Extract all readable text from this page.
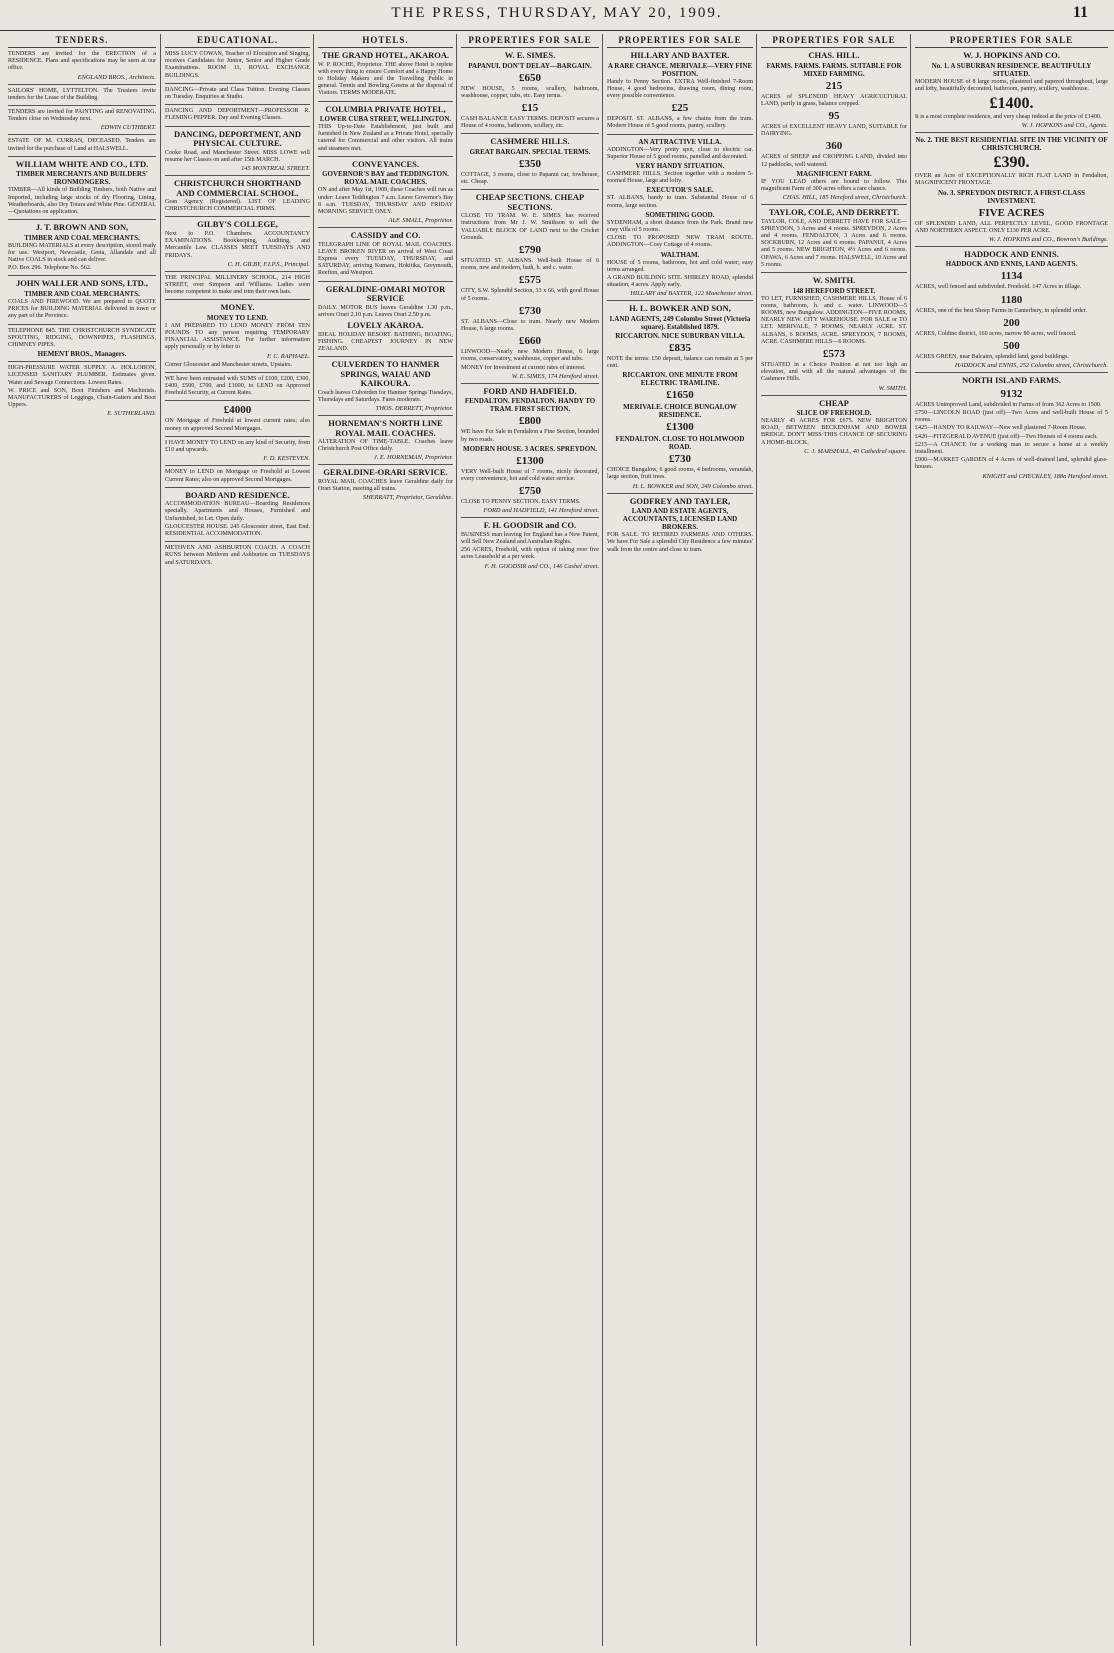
THE PRESS, THURSDAY, MAY 20, 1909.	11
TENDERS.
TENDERS are invited for the ERECTION of a RESIDENCE. Plans and specifications may be seen at our office.
ENGLAND BROS., Architects.
SAILORS' HOME, LYTTELTON. The Trustees invite tenders for the Lease of the Building.
TENDERS are invited for PAINTING and RENOVATING. Tenders close on Wednesday next.
EDWIN CUTHBERT.
ESTATE OF M. CURRAN, DECEASED. Tenders are invited for the purchase of Land at HALSWELL.
WILLIAM WHITE AND CO., LTD.
TIMBER MERCHANTS AND BUILDERS' IRONMONGERS.
TIMBER—All kinds of Building Timbers, both Native and Imported, including large stocks of dry Flooring, Lining, Weatherboards, also Dry Totara and White Pine. GENERAL—Quotations on application.
J. T. BROWN AND SON,
TIMBER AND COAL MERCHANTS.
BUILDING MATERIALS at every description, stored ready for use. Westport, Newcastle, Greta, Allandale and all Native COALS in stock and can deliver.
P.O. Box 296. Telephone No. 562.
JOHN WALLER AND SONS, LTD.,
TIMBER AND COAL MERCHANTS.
COALS AND FIREWOOD. We are prepared to QUOTE PRICES for BUILDING MATERIAL delivered in town or any part of the Province.
TELEPHONE 845. THE CHRISTCHURCH SYNDICATE SPOUTING, RIDGING, DOWNPIPES, FLASHINGS, CHIMNEY PIPES.
HEMENT BROS., Managers.
HIGH-PRESSURE WATER SUPPLY. A. HOLLOBON, LICENSED SANITARY PLUMBER. Estimates given. Water and Sewage Connections. Lowest Rates.
W. PRICE and SON, Boot Finishers and Machinists. MANUFACTURERS of Leggings, Chain-Gaiters and Boot Uppers.
E. SUTHERLAND.
EDUCATIONAL.
MISS LUCY COWAN, Teacher of Elocution and Singing, receives Candidates for Junior, Senior and Higher Grade Examinations. ROOM 11, ROYAL EXCHANGE BUILDINGS.
DANCING—Private and Class Tuition. Evening Classes on Tuesday. Enquiries at Studio.
DANCING AND DEPORTMENT—PROFESSOR R. FLEMING PEPPER. Day and Evening Classes.
DANCING, DEPORTMENT, AND PHYSICAL CULTURE.
Cooke Road, and Manchester Street. MISS LOWE will resume her Classes on and after 15th MARCH.
145 MONTREAL STREET.
CHRISTCHURCH SHORTHAND AND COMMERCIAL SCHOOL.
Gran Agency (Registered). LIST OF LEADING CHRISTCHURCH COMMERCIAL FIRMS.
GILBY'S COLLEGE,
Next to P.O. Chambers. ACCOUNTANCY EXAMINATIONS. Bookkeeping, Auditing, and Mercantile Law. CLASSES MEET TUESDAYS AND FRIDAYS.
C. H. GILBY, F.I.P.S., Principal.
THE PRINCIPAL MILLINERY SCHOOL, 214 HIGH STREET, over Simpson and Williams. Ladies soon become competent to make and trim their own hats.
MONEY.
MONEY TO LEND.
I AM PREPARED TO LEND MONEY FROM TEN POUNDS TO any person requiring TEMPORARY FINANCIAL ASSISTANCE. For further information apply personally or by letter to
F. C. RAPHAEL.
Corner Gloucester and Manchester streets, Upstairs.
WE have been entrusted with SUMS of £100, £200, £300, £400, £500, £700, and £1000, to LEND on Approved Freehold Security, at Current Rates.
£4000
ON Mortgage of Freehold at lowest current rates; also money on approved Second Mortgages.
I HAVE MONEY TO LEND on any kind of Security, from £10 and upwards.
F. D. KESTEVEN.
MONEY to LEND on Mortgage or Freehold at Lowest Current Rates; also on approved Second Mortgages.
BOARD AND RESIDENCE.
ACCOMMODATION BUREAU—Boarding Residences specially. Apartments and Houses, Furnished and Unfurnished, to Let. Open daily.
GLOUCESTER HOUSE. 245 Gloucester street, East End. RESIDENTIAL ACCOMMODATION.
METHVEN AND ASHBURTON COACH. A COACH RUNS between Methven and Ashburton on TUESDAYS and SATURDAYS.
HOTELS.
THE GRAND HOTEL, AKAROA.
W. P. ROCHE, Proprietor. THE above Hotel is replete with every thing to ensure Comfort and a Happy Home to Holiday Makers and the Travelling Public in general. Tennis and Bowling Greens at the disposal of Visitors. TERMS MODERATE.
COLUMBIA PRIVATE HOTEL,
LOWER CUBA STREET, WELLINGTON.
THIS Up-to-Date Establishment, just built and furnished in New Zealand as a Private Hotel, specially catered for Commercial and other visitors. All trains and steamers met.
CONVEYANCES.
GOVERNOR'S BAY and TEDDINGTON. ROYAL MAIL COACHES.
ON and after May 1st, 1909, these Coaches will run as under: Leave Teddington 7 a.m. Leave Governor's Bay 8 a.m. TUESDAY, THURSDAY AND FRIDAY MORNING SERVICE ONLY.
ALF. SMALL, Proprietor.
CASSIDY and CO.
TELEGRAPH LINE OF ROYAL MAIL COACHES. LEAVE BROKEN RIVER on arrival of West Coast Express every TUESDAY, THURSDAY, and SATURDAY, arriving Kumara, Hokitika, Greymouth, Reefton, and Westport.
GERALDINE-OMARI MOTOR SERVICE
DAILY. MOTOR BUS leaves Geraldine 1.30 p.m., arrives Orari 2.10 p.m. Leaves Orari 2.50 p.m.
LOVELY AKAROA.
IDEAL HOLIDAY RESORT. BATHING, BOATING, FISHING. CHEAPEST JOURNEY IN NEW ZEALAND.
CULVERDEN TO HANMER SPRINGS, WAIAU AND KAIKOURA.
Coach leaves Culverden for Hanmer Springs Tuesdays, Thursdays and Saturdays. Fares moderate.
THOS. DERRETT, Proprietor.
HORNEMAN'S NORTH LINE ROYAL MAIL COACHES.
ALTERATION OF TIME-TABLE. Coaches leave Christchurch Post Office daily.
J. E. HORNEMAN, Proprietor.
GERALDINE-ORARI SERVICE.
ROYAL MAIL COACHES leave Geraldine daily for Orari Station, meeting all trains.
SHERRATT, Proprietor, Geraldine.
PROPERTIES FOR SALE
W. E. SIMES.
PAPANUI. DON'T DELAY—BARGAIN.
£650
NEW HOUSE, 5 rooms, scullery, bathroom, washhouse, copper, tubs, etc. Easy terms.
£15
CASH BALANCE EASY TERMS. DEPOSIT secures a House of 4 rooms, bathroom, scullery, etc.
CASHMERE HILLS.
GREAT BARGAIN. SPECIAL TERMS.
£350
COTTAGE, 3 rooms, close to Papanui car, fowlhouse, etc. Cheap.
CHEAP SECTIONS. CHEAP SECTIONS.
CLOSE TO TRAM. W. E. SIMES has received instructions from Mr J. W. Smithson to sell the VALUABLE BLOCK OF LAND next to the Cricket Grounds.
£790
SITUATED ST. ALBANS. Well-built House of 6 rooms, new and modern, bath, h. and c. water.
£575
CITY, S.W. Splendid Section, 33 x 66, with good House of 5 rooms.
£730
ST. ALBANS—Close to tram. Nearly new Modern House, 6 large rooms.
£660
LINWOOD—Nearly new Modern House, 6 large rooms, conservatory, washhouse, copper and tubs.
MONEY for Investment at current rates of interest.
W. E. SIMES, 174 Hereford street.
FORD AND HADFIELD.
FENDALTON. FENDALTON. HANDY TO TRAM. FIRST SECTION.
£800
WE have For Sale in Fendalton a Fine Section, bounded by two roads.
MODERN HOUSE. 3 ACRES. SPREYDON.
£1300
VERY Well-built House of 7 rooms, nicely decorated, every convenience, hot and cold water service.
£750
CLOSE TO PENNY SECTION. EASY TERMS.
FORD and HADFIELD, 141 Hereford street.
F. H. GOODSIR and CO.
BUSINESS man leaving for England has a New Patent, will Sell New Zealand and Australian Rights.
256 ACRES, Freehold, with option of taking over five acres Leasehold at a per week.
F. H. GOODSIR and CO., 146 Cashel street.
PROPERTIES FOR SALE
HILLARY AND BAXTER.
A RARE CHANCE. MERIVALE—VERY FINE POSITION.
Handy to Penny Section. EXTRA Well-finished 7-Room House, 4 good bedrooms, drawing room, dining room, every possible convenience.
£25
DEPOSIT. ST. ALBANS, a few chains from the tram. Modern House of 5 good rooms, pantry, scullery.
AN ATTRACTIVE VILLA.
ADDINGTON—Very pretty spot, close to electric car. Superior House of 5 good rooms, panelled and decorated.
VERY HANDY SITUATION.
CASHMERE HILLS, Section together with a modern 5-roomed House, large and lofty.
EXECUTOR'S SALE.
ST. ALBANS, handy to tram. Substantial House of 6 rooms, large section.
SOMETHING GOOD.
SYDENHAM, a short distance from the Park. Brand new cosy villa of 5 rooms.
CLOSE TO PROPOSED NEW TRAM ROUTE. ADDINGTON—Cosy Cottage of 4 rooms.
WALTHAM.
HOUSE of 5 rooms, bathroom, hot and cold water; easy terms arranged.
A GRAND BUILDING SITE. SHIRLEY ROAD, splendid situation, 4 acres. Apply early.
HILLARY and BAXTER, 122 Manchester street.
H. L. BOWKER AND SON,
LAND AGENTS, 249 Colombo Street (Victoria square). Established 1879.
RICCARTON. NICE SUBURBAN VILLA.
£835
NOTE the terms: £50 deposit, balance can remain at 5 per cent.
RICCARTON. ONE MINUTE FROM ELECTRIC TRAMLINE.
£1650
MERIVALE. CHOICE BUNGALOW RESIDENCE.
£1300
FENDALTON. CLOSE TO HOLMWOOD ROAD.
£730
CHOICE Bungalow, 6 good rooms, 4 bedrooms, verandah, large section, fruit trees.
H. L. BOWKER and SON, 249 Colombo street.
GODFREY AND TAYLER,
LAND AND ESTATE AGENTS, ACCOUNTANTS, LICENSED LAND BROKERS.
FOR SALE. TO RETIRED FARMERS AND OTHERS. We have For Sale a splendid City Residence a few minutes' walk from the centre and close to tram.
PROPERTIES FOR SALE
CHAS. HILL.
FARMS. FARMS. FARMS. SUITABLE FOR MIXED FARMING.
215
ACRES of SPLENDID HEAVY AGRICULTURAL LAND, partly in grass, balance cropped.
95
ACRES of EXCELLENT HEAVY LAND, SUITABLE for DAIRYING.
360
ACRES of SHEEP and CROPPING LAND, divided into 12 paddocks, well watered.
MAGNIFICENT FARM.
IF YOU LEAD others are bound to follow. This magnificent Farm of 300 acres offers a rare chance.
CHAS. HILL, 185 Hereford street, Christchurch.
TAYLOR, COLE, AND DERRETT.
TAYLOR, COLE, AND DERRETT HAVE FOR SALE— SPREYDON, 3 Acres and 4 rooms. SPREYDON, 2 Acres and 4 rooms. FENDALTON, 3 Acres and 6 rooms. SOCKBURN, 12 Acres and 6 rooms. PAPANUI, 4 Acres and 5 rooms. NEW BRIGHTON, 4½ Acres and 6 rooms. OPAWA, 6 Acres and 7 rooms. HALSWELL, 10 Acres and 5 rooms.
W. SMITH.
148 HEREFORD STREET.
TO LET, FURNISHED, CASHMERE HILLS, House of 6 rooms, bathroom, h. and c. water. LINWOOD—5 ROOMS, new Bungalow. ADDINGTON—FIVE ROOMS, NEARLY NEW. CITY WAREHOUSE. FOR SALE or TO LET. MERIVALE, 7 ROOMS, NEARLY ACRE. ST. ALBANS, 6 ROOMS, ACRE. SPREYDON, 7 ROOMS, ACRE. CASHMERE HILLS—6 ROOMS.
£573
SITUATED in a Choice Position at not too high an elevation, and with all the natural advantages of the Cashmere Hills.
W. SMITH.
CHEAP
SLICE OF FREEHOLD.
NEARLY 45 ACRES FOR £675. NEW BRIGHTON ROAD, BETWEEN BECKENHAM AND BOWER BRIDGE. DON'T MISS THIS CHANCE OF SECURING A HOME-BLOCK.
C. J. MARSHALL, 40 Cathedral square.
PROPERTIES FOR SALE
W. J. HOPKINS AND CO.
No. 1. A SUBURBAN RESIDENCE. BEAUTIFULLY SITUATED.
MODERN HOUSE of 8 large rooms, plastered and papered throughout, large and lofty, beautifully decorated, bathroom, pantry, scullery, washhouse.
£1400.
It is a most complete residence, and very cheap indeed at the price of £1400.
W. J. HOPKINS and CO., Agents.
No. 2. THE BEST RESIDENTIAL SITE IN THE VICINITY OF CHRISTCHURCH.
£390.
OVER an Acre of EXCEPTIONALLY RICH FLAT LAND in Fendalton, MAGNIFICENT FRONTAGE.
No. 3. SPREYDON DISTRICT. A FIRST-CLASS INVESTMENT.
FIVE ACRES
OF SPLENDID LAND, ALL PERFECTLY LEVEL, GOOD FRONTAGE AND NORTHERN ASPECT. ONLY £130 PER ACRE.
W. J. HOPKINS and CO., Bowron's Buildings.
HADDOCK AND ENNIS.
HADDOCK AND ENNIS, LAND AGENTS.
1134
ACRES, well fenced and subdivided. Freehold. 147 Acres in tillage.
1180
ACRES, one of the best Sheep Farms in Canterbury, in splendid order.
200
ACRES, Coldine district, 160 acres, narrow 80 acres, well fenced.
500
ACRES GREEN, near Balcairn, splendid land, good buildings.
HADDOCK and ENNIS, 252 Colombo street, Christchurch.
NORTH ISLAND FARMS.
9132
ACRES Unimproved Land, subdivided in Farms of from 362 Acres to 1500.
£750—LINCOLN ROAD (just off)—Two Acres and well-built House of 5 rooms.
£425—HANDY TO RAILWAY—New well plastered 7-Room House.
£420—FITZGERALD AVENUE (just off)—Two Houses of 4 rooms each.
£215—A CHANCE for a working man to secure a home at a weekly installment.
£900—MARKET GARDEN of 4 Acres of well-drained land, splendid glass-houses.
KNIGHT and CHECKLEY, 188a Hereford street.
